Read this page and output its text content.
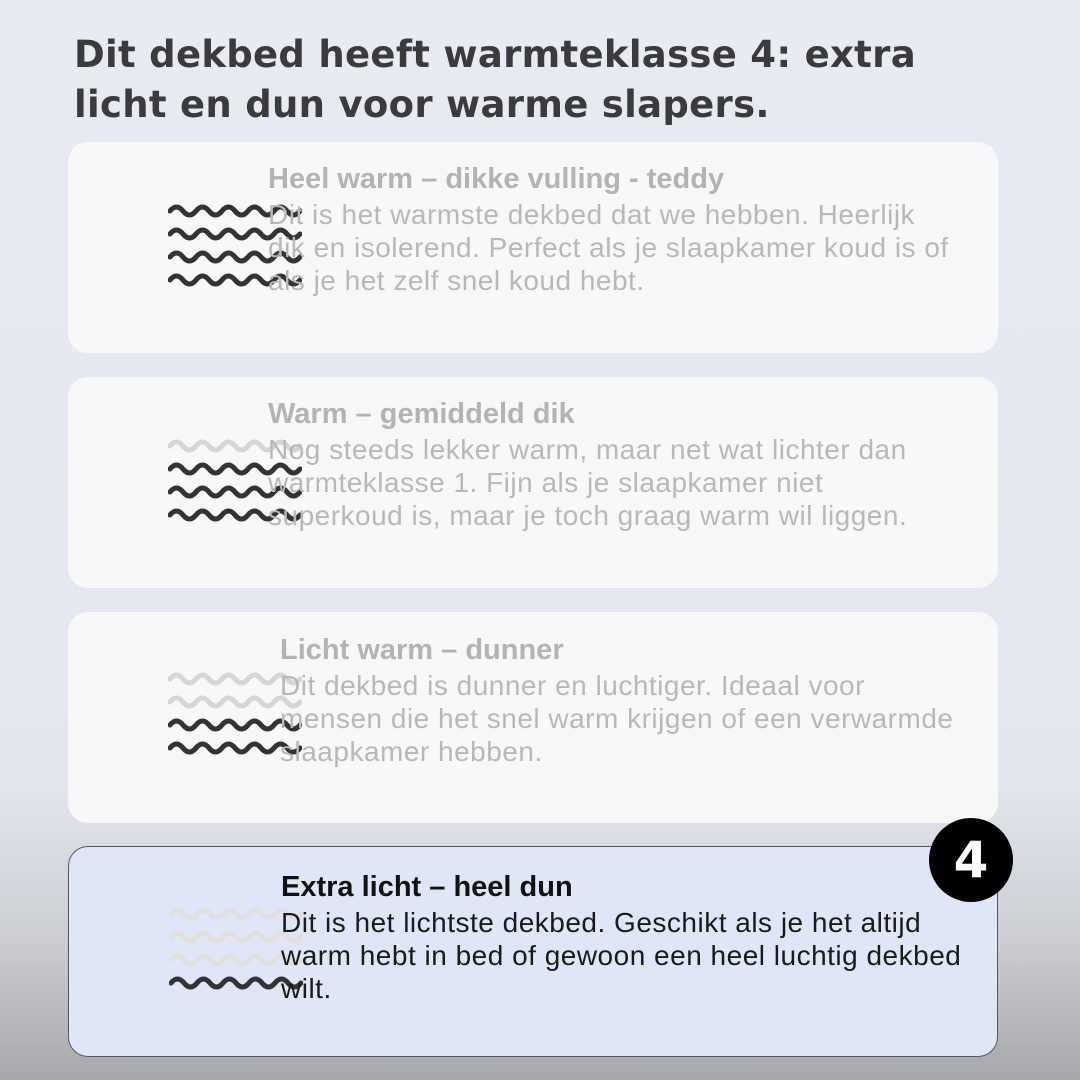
Dit dekbed heeft warmteklasse 4: extra licht en dun voor warme slapers.
Heel warm – dikke vulling - teddy
Dit is het warmste dekbed dat we hebben. Heerlijk dik en isolerend. Perfect als je slaapkamer koud is of als je het zelf snel koud hebt.
Warm – gemiddeld dik
Nog steeds lekker warm, maar net wat lichter dan warmteklasse 1. Fijn als je slaapkamer niet superkoud is, maar je toch graag warm wil liggen.
Licht warm – dunner
Dit dekbed is dunner en luchtiger. Ideaal voor mensen die het snel warm krijgen of een verwarmde slaapkamer hebben.
Extra licht – heel dun
Dit is het lichtste dekbed. Geschikt als je het altijd warm hebt in bed of gewoon een heel luchtig dekbed wilt.
4
